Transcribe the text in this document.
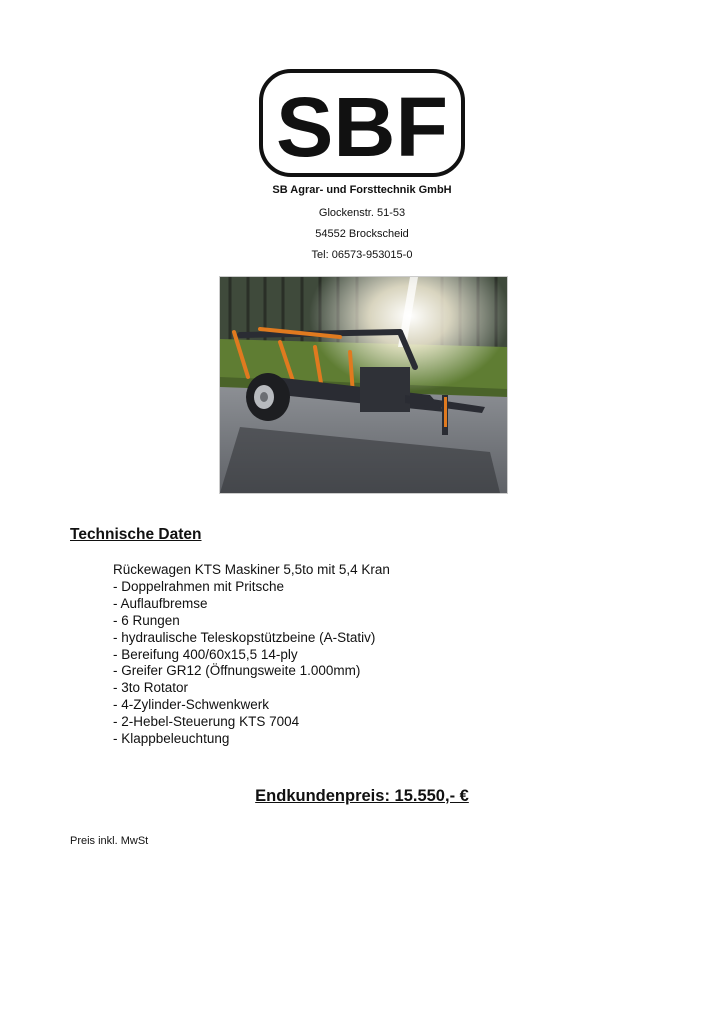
SBF
SB Agrar- und Forsttechnik GmbH
Glockenstr. 51-53
54552 Brockscheid
Tel: 06573-953015-0
Technische Daten
Rückewagen KTS Maskiner 5,5to mit 5,4 Kran
- Doppelrahmen mit Pritsche
- Auflaufbremse
- 6 Rungen
- hydraulische Teleskopstützbeine (A-Stativ)
- Bereifung 400/60x15,5 14-ply
- Greifer GR12 (Öffnungsweite 1.000mm)
- 3to Rotator
- 4-Zylinder-Schwenkwerk
- 2-Hebel-Steuerung KTS 7004
- Klappbeleuchtung
Endkundenpreis: 15.550,- €
Preis inkl. MwSt
